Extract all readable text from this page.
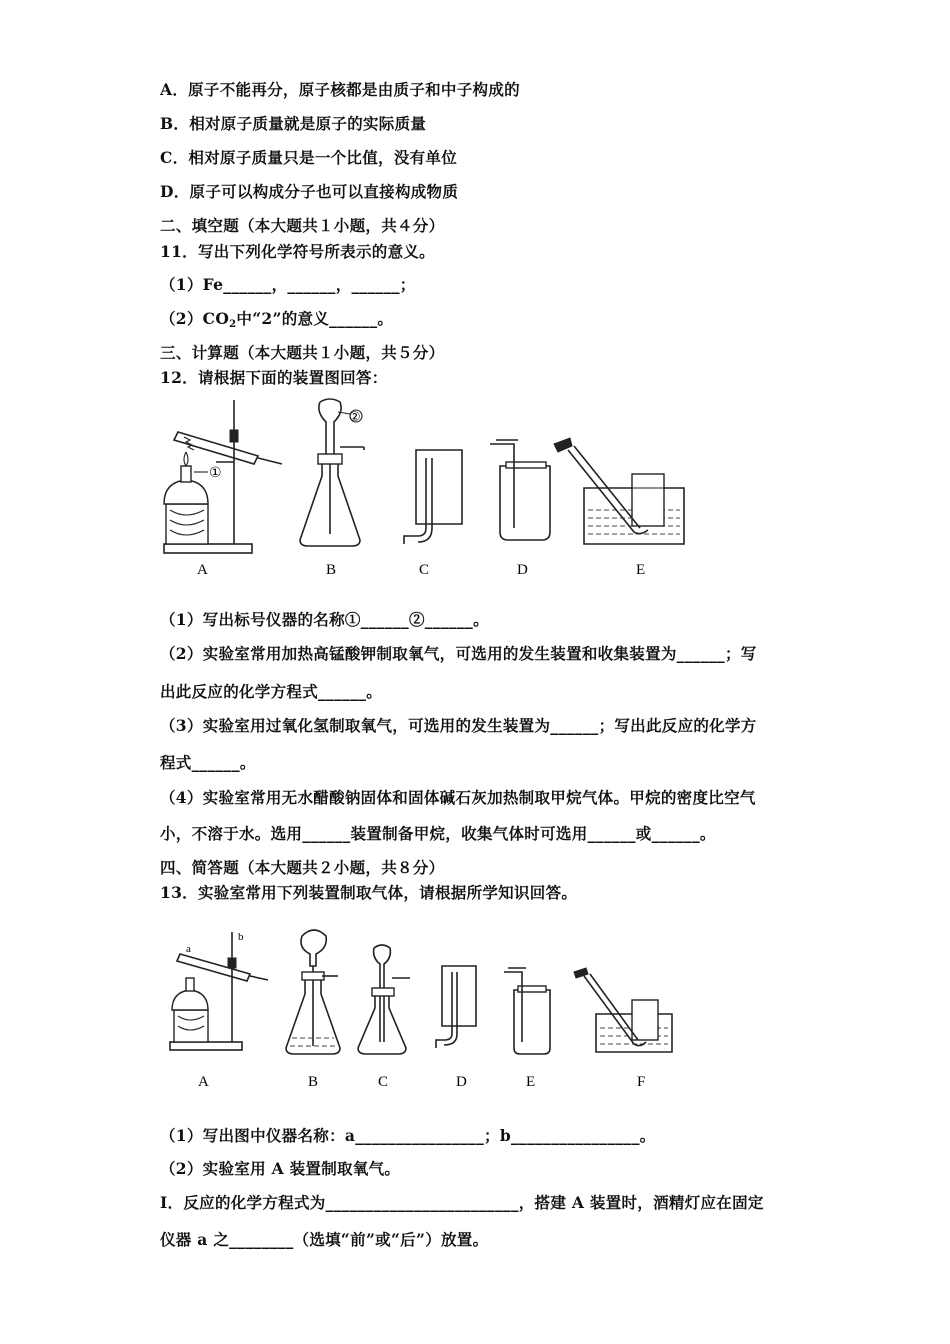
A．原子不能再分，原子核都是由质子和中子构成的
B．相对原子质量就是原子的实际质量
C．相对原子质量只是一个比值，没有单位
D．原子可以构成分子也可以直接构成物质
二、填空题（本大题共１小题，共４分）
11．写出下列化学符号所表示的意义。
（1）Fe______，______，______；
$(2)CO_2$中“2”的意义______。
三、计算题（本大题共１小题，共５分）
12．请根据下面的装置图回答：
①
②
A	B	C	D	E
（1）写出标号仪器的名称①______②______。
（2）实验室常用加热高锰酸钾制取氧气，可选用的发生装置和收集装置为______；写
出此反应的化学方程式______。
（3）实验室用过氧化氢制取氧气，可选用的发生装置为______；写出此反应的化学方
程式______。
（4）实验室常用无水醋酸钠固体和固体碱石灰加热制取甲烷气体。甲烷的密度比空气
小，不溶于水。选用______装置制备甲烷，收集气体时可选用______或______。
四、简答题（本大题共２小题，共８分）
13．实验室常用下列装置制取气体，请根据所学知识回答。
a
b
A	B	C	D	E	F
（1）写出图中仪器名称：a________________；b________________。
（2）实验室用 A 装置制取氧气。
I．反应的化学方程式为________________________，搭建 A 装置时，酒精灯应在固定
仪器 a 之________（选填“前”或“后”）放置。
